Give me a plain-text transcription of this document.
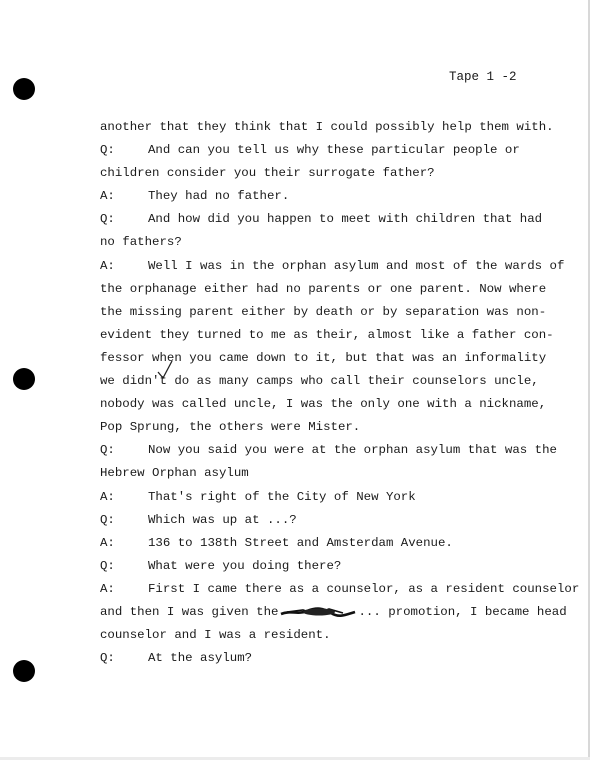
Tape 1 -2
another that they think that I could possibly help them with.
Q:	And can you tell us why these particular people or
children consider you their surrogate father?
A:	They had no father.
Q:	And how did you happen to meet with children that had
no fathers?
A:	Well I was in the orphan asylum and most of the wards of
the orphanage either had no parents or one parent. Now where
the missing parent either by death or by separation was non-
evident they turned to me as their, almost like a father con-
fessor when you came down to it, but that was an informality
we didn't do as many camps who call their counselors uncle,
nobody was called uncle, I was the only one with a nickname,
Pop Sprung, the others were Mister.
Q:	Now you said you were at the orphan asylum that was the
Hebrew Orphan asylum
A:	That's right of the City of New York
Q:	Which was up at ...?
A:	136 to 138th Street and Amsterdam Avenue.
Q:	What were you doing there?
A:	First I came there as a counselor, as a resident counselor
and then I was given the	... promotion, I became head
counselor and I was a resident.
Q:	At the asylum?
